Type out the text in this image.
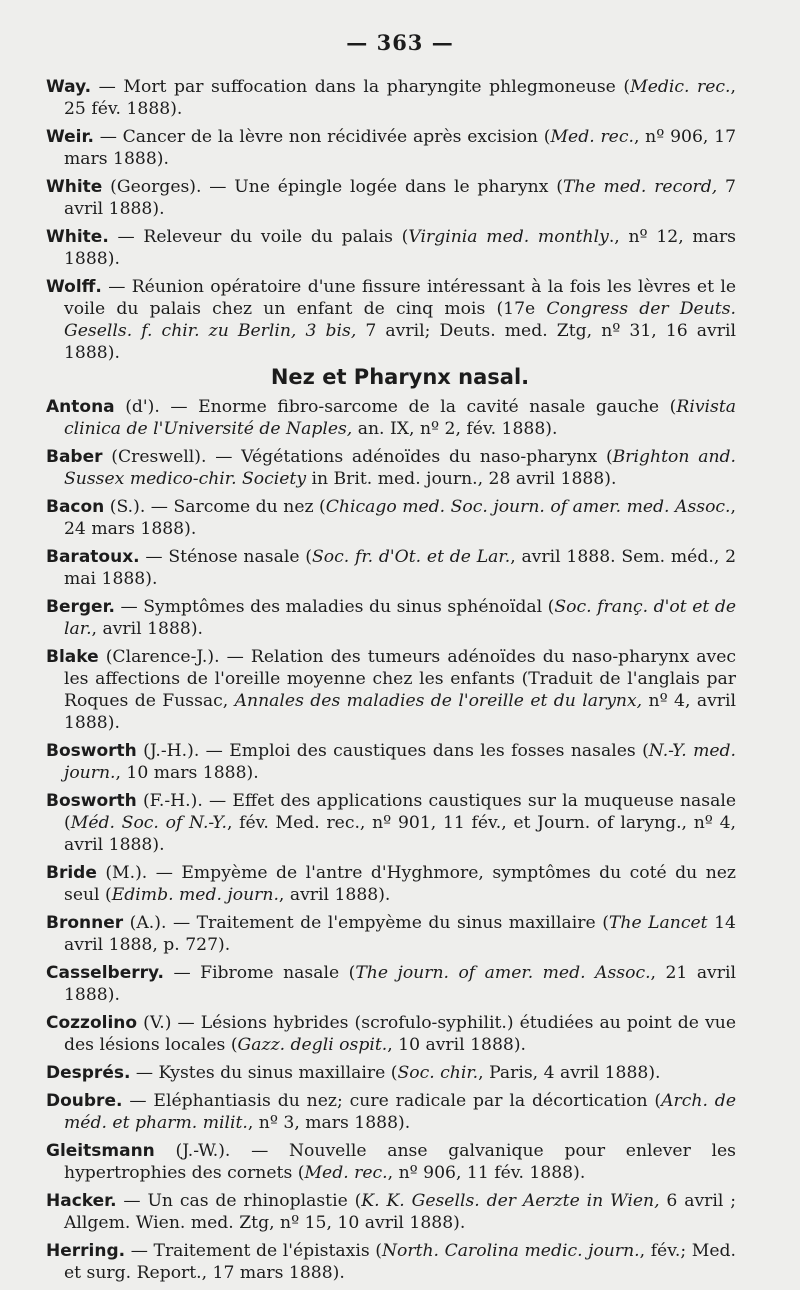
— 363 —

Way. — Mort par suffocation dans la pharyngite phlegmoneuse (Medic. rec., 25 fév. 1888).

Weir. — Cancer de la lèvre non récidivée après excision (Med. rec., nº 906, 17 mars 1888).

White (Georges). — Une épingle logée dans le pharynx (The med. record, 7 avril 1888).

White. — Releveur du voile du palais (Virginia med. monthly., nº 12, mars 1888).

Wolff. — Réunion opératoire d'une fissure intéressant à la fois les lèvres et le voile du palais chez un enfant de cinq mois (17e Congress der Deuts. Gesells. f. chir. zu Berlin, 3 bis, 7 avril; Deuts. med. Ztg, nº 31, 16 avril 1888).

Nez et Pharynx nasal.

Antona (d'). — Enorme fibro-sarcome de la cavité nasale gauche (Rivista clinica de l'Université de Naples, an. IX, nº 2, fév. 1888).

Baber (Creswell). — Végétations adénoïdes du naso-pharynx (Brighton and. Sussex medico-chir. Society in Brit. med. journ., 28 avril 1888).

Bacon (S.). — Sarcome du nez (Chicago med. Soc. journ. of amer. med. Assoc., 24 mars 1888).

Baratoux. — Sténose nasale (Soc. fr. d'Ot. et de Lar., avril 1888. Sem. méd., 2 mai 1888).

Berger. — Symptômes des maladies du sinus sphénoïdal (Soc. franç. d'ot et de lar., avril 1888).

Blake (Clarence-J.). — Relation des tumeurs adénoïdes du naso-pharynx avec les affections de l'oreille moyenne chez les enfants (Traduit de l'anglais par Roques de Fussac, Annales des maladies de l'oreille et du larynx, nº 4, avril 1888).

Bosworth (J.-H.). — Emploi des caustiques dans les fosses nasales (N.-Y. med. journ., 10 mars 1888).

Bosworth (F.-H.). — Effet des applications caustiques sur la muqueuse nasale (Méd. Soc. of N.-Y., fév. Med. rec., nº 901, 11 fév., et Journ. of laryng., nº 4, avril 1888).

Bride (M.). — Empyème de l'antre d'Hyghmore, symptômes du coté du nez seul (Edimb. med. journ., avril 1888).

Bronner (A.). — Traitement de l'empyème du sinus maxillaire (The Lancet 14 avril 1888, p. 727).

Casselberry. — Fibrome nasale (The journ. of amer. med. Assoc., 21 avril 1888).

Cozzolino (V.) — Lésions hybrides (scrofulo-syphilit.) étudiées au point de vue des lésions locales (Gazz. degli ospit., 10 avril 1888).

Després. — Kystes du sinus maxillaire (Soc. chir., Paris, 4 avril 1888).

Doubre. — Eléphantiasis du nez; cure radicale par la décortication (Arch. de méd. et pharm. milit., nº 3, mars 1888).

Gleitsmann (J.-W.). — Nouvelle anse galvanique pour enlever les hypertrophies des cornets (Med. rec., nº 906, 11 fév. 1888).

Hacker. — Un cas de rhinoplastie (K. K. Gesells. der Aerzte in Wien, 6 avril ; Allgem. Wien. med. Ztg, nº 15, 10 avril 1888).

Herring. — Traitement de l'épistaxis (North. Carolina medic. journ., fév.; Med. et surg. Report., 17 mars 1888).
